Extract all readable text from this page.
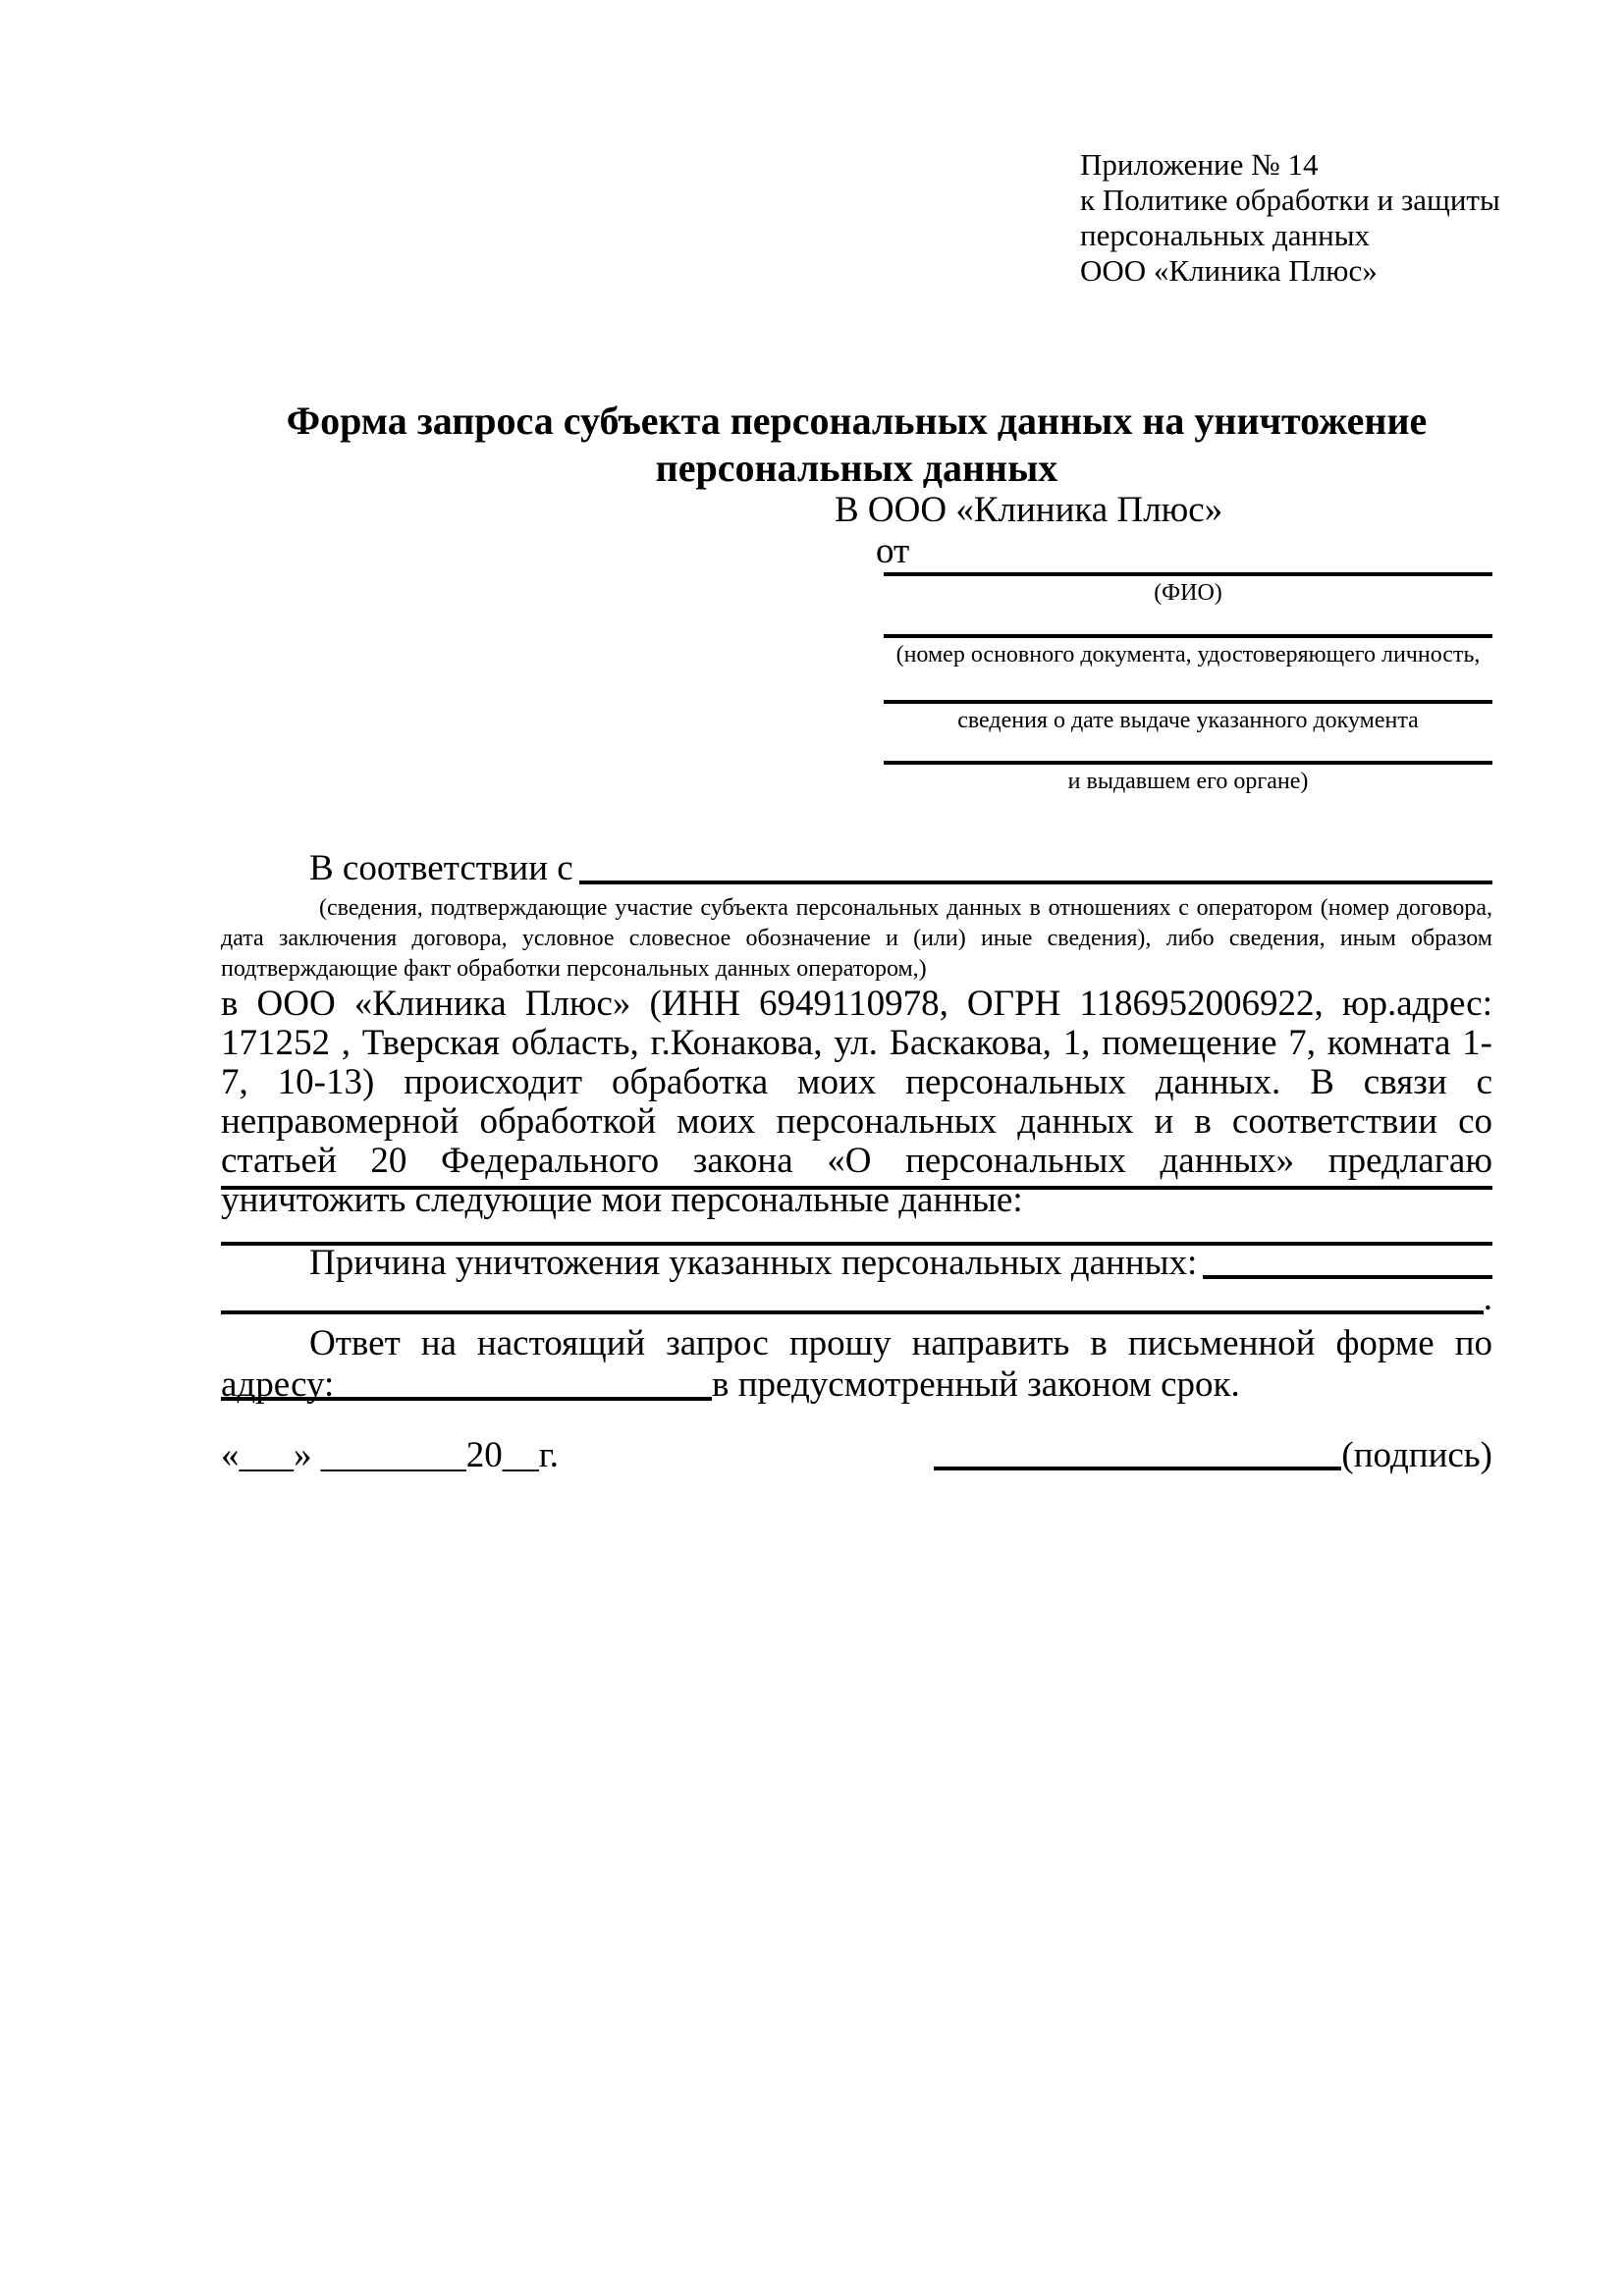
Приложение № 14
к Политике обработки и защиты
персональных данных
ООО «Клиника Плюс»
Форма запроса субъекта персональных данных на уничтожение персональных данных
В ООО «Клиника Плюс»
от
(ФИО)
(номер основного документа, удостоверяющего личность,
сведения о дате выдаче указанного документа
и выдавшем его органе)
В соответствии с
(сведения, подтверждающие участие субъекта персональных данных в отношениях с оператором (номер договора, дата заключения договора, условное словесное обозначение и (или) иные сведения), либо сведения, иным образом подтверждающие факт обработки персональных данных оператором,)
в ООО «Клиника Плюс» (ИНН 6949110978, ОГРН 1186952006922, юр.адрес: 171252 , Тверская область, г.Конакова, ул. Баскакова, 1, помещение 7, комната 1-7, 10-13) происходит обработка моих персональных данных. В связи с неправомерной обработкой моих персональных данных и в соответствии со статьей 20 Федерального закона «О персональных данных» предлагаю уничтожить следующие мои персональные данные:
Причина уничтожения указанных персональных данных:
.
Ответ на настоящий запрос прошу направить в письменной форме по адресу:	в предусмотренный законом срок.
«___» ________20__г.	(подпись)
